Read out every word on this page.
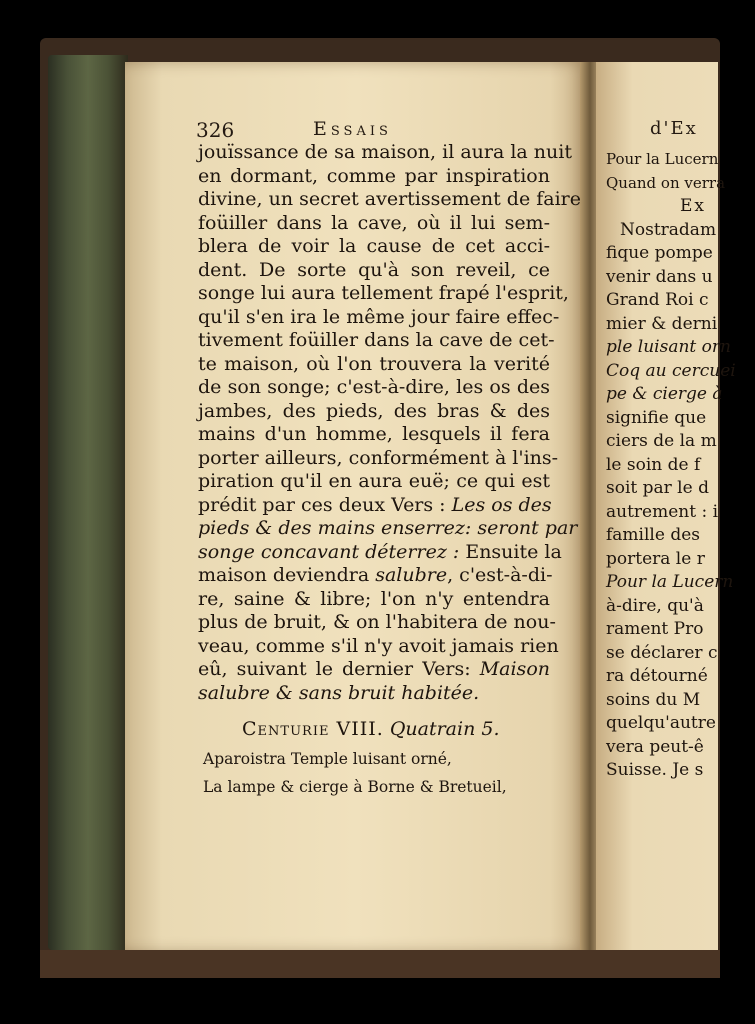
326	Essais
jouïssance de sa maison, il aura la nuit
en dormant, comme par inspiration
divine, un secret avertissement de faire
foüiller dans la cave, où il lui sem-
blera de voir la cause de cet acci-
dent. De sorte qu'à son reveil, ce
songe lui aura tellement frapé l'esprit,
qu'il s'en ira le même jour faire effec-
tivement foüiller dans la cave de cet-
te maison, où l'on trouvera la verité
de son songe; c'est-à-dire, les os des
jambes, des pieds, des bras & des
mains d'un homme, lesquels il fera
porter ailleurs, conformément à l'ins-
piration qu'il en aura euë; ce qui est
prédit par ces deux Vers : Les os des
pieds & des mains enserrez: seront par
songe concavant déterrez : Ensuite la
maison deviendra salubre, c'est-à-di-
re, saine & libre; l'on n'y entendra
plus de bruit, & on l'habitera de nou-
veau, comme s'il n'y avoit jamais rien
eû, suivant le dernier Vers: Maison
salubre & sans bruit habitée.
Centurie VIII. Quatrain 5.
Aparoistra Temple luisant orné,
La lampe & cierge à Borne & Bretueil,
d'Ex
Pour la Lucern
Quand on verra
Ex
Nostradam
fique pompe
venir dans u
Grand Roi c
mier & derni
ple luisant orn
Coq au cercuei
pe & cierge à
signifie que
ciers de la m
le soin de f
soit par le d
autrement : i
famille des
portera le r
Pour la Lucern
à-dire, qu'à
rament Pro
se déclarer c
ra détourné
soins du M
quelqu'autre
vera peut-ê
Suisse. Je s
